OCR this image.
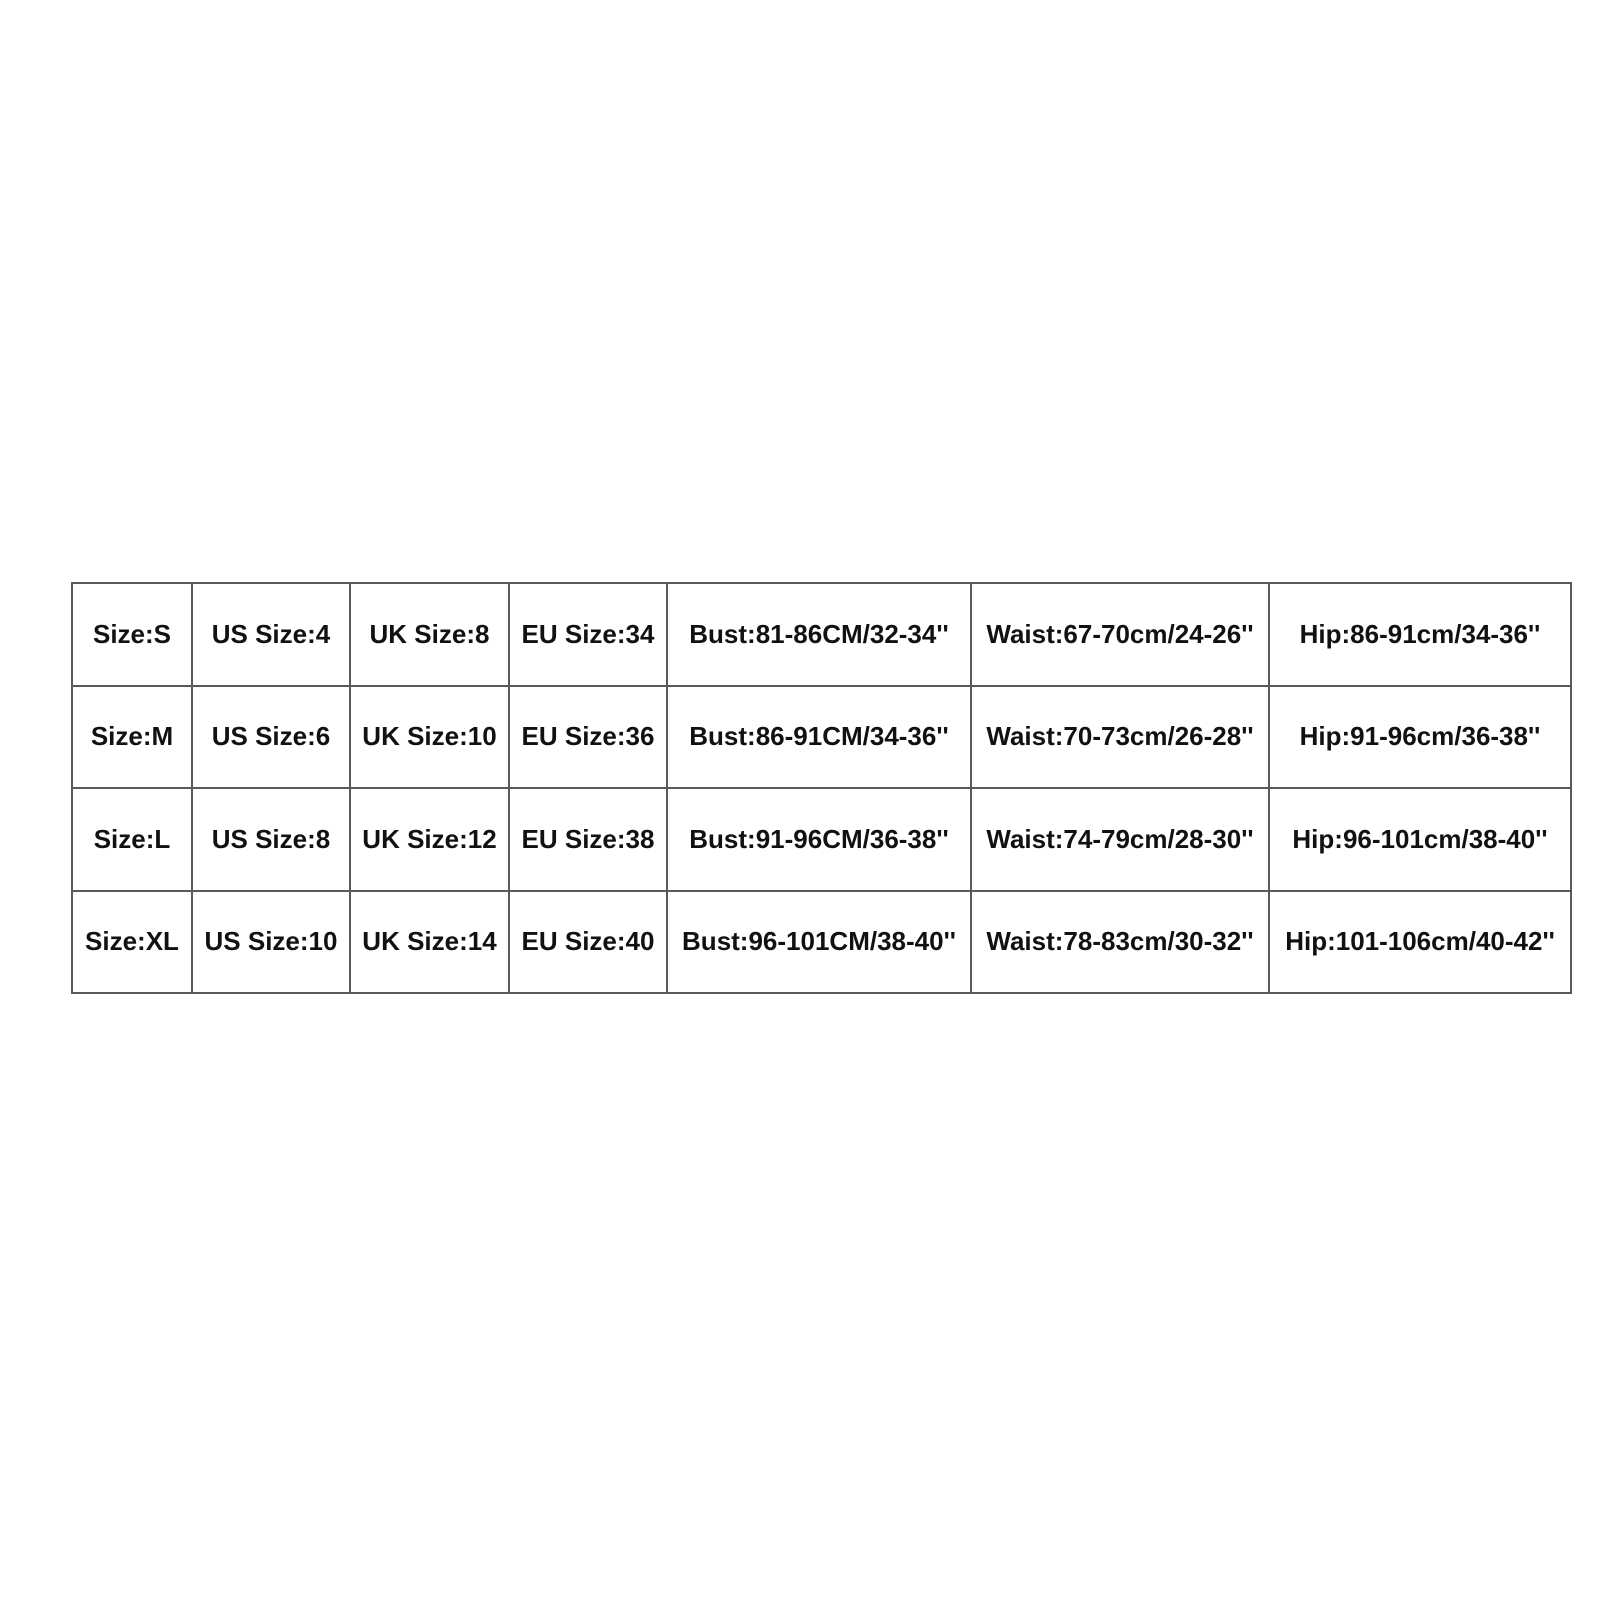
Size:S	US Size:4	UK Size:8	EU Size:34	Bust:81-86CM/32-34''	Waist:67-70cm/24-26''	Hip:86-91cm/34-36''
Size:M	US Size:6	UK Size:10	EU Size:36	Bust:86-91CM/34-36''	Waist:70-73cm/26-28''	Hip:91-96cm/36-38''
Size:L	US Size:8	UK Size:12	EU Size:38	Bust:91-96CM/36-38''	Waist:74-79cm/28-30''	Hip:96-101cm/38-40''
Size:XL	US Size:10	UK Size:14	EU Size:40	Bust:96-101CM/38-40''	Waist:78-83cm/30-32''	Hip:101-106cm/40-42''
